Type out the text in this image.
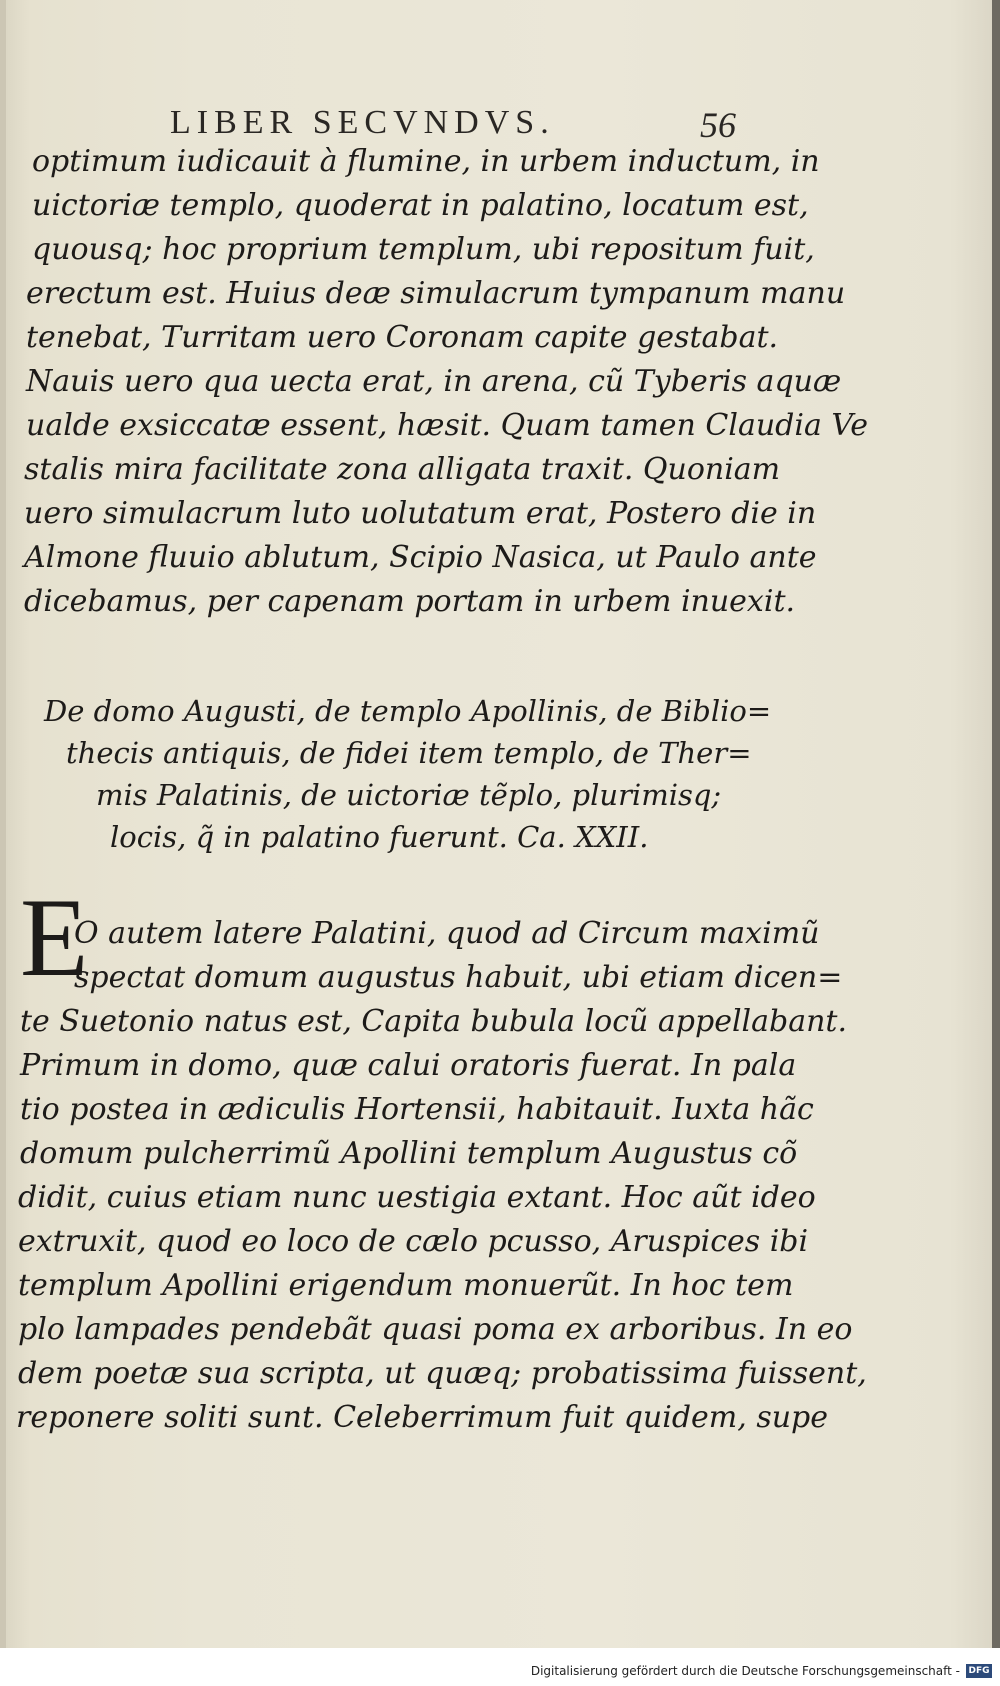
LIBER SECVNDVS.	56
optimum iudicauit à flumine, in urbem inductum, in
uictoriæ templo, quoderat in palatino, locatum est,
quousq; hoc proprium templum, ubi repositum fuit,
erectum est. Huius deæ simulacrum tympanum manu
tenebat, Turritam uero Coronam capite gestabat.
Nauis uero qua uecta erat, in arena, cũ Tyberis aquæ
ualde exsiccatæ essent, hæsit. Quam tamen Claudia Ve
stalis mira facilitate zona alligata traxit. Quoniam
uero simulacrum luto uolutatum erat, Postero die in
Almone fluuio ablutum, Scipio Nasica, ut Paulo ante
dicebamus, per capenam portam in urbem inuexit.
De domo Augusti, de templo Apollinis, de Biblio=
thecis antiquis, de fidei item templo, de Ther=
mis Palatinis, de uictoriæ tẽplo, plurimisq;
locis, q̃ in palatino fuerunt. Ca. XXII.
E
O autem latere Palatini, quod ad Circum maximũ
spectat domum augustus habuit, ubi etiam dicen=
te Suetonio natus est, Capita bubula locũ appellabant.
Primum in domo, quæ calui oratoris fuerat. In pala
tio postea in ædiculis Hortensii, habitauit. Iuxta hãc
domum pulcherrimũ Apollini templum Augustus cõ
didit, cuius etiam nunc uestigia extant. Hoc aũt ideo
extruxit, quod eo loco de cælo pcusso, Aruspices ibi
templum Apollini erigendum monuerũt. In hoc tem
plo lampades pendebãt quasi poma ex arboribus. In eo
dem poetæ sua scripta, ut quæq; probatissima fuissent,
reponere soliti sunt. Celeberrimum fuit quidem, supe
Digitalisierung gefördert durch die Deutsche Forschungsgemeinschaft - DFG
